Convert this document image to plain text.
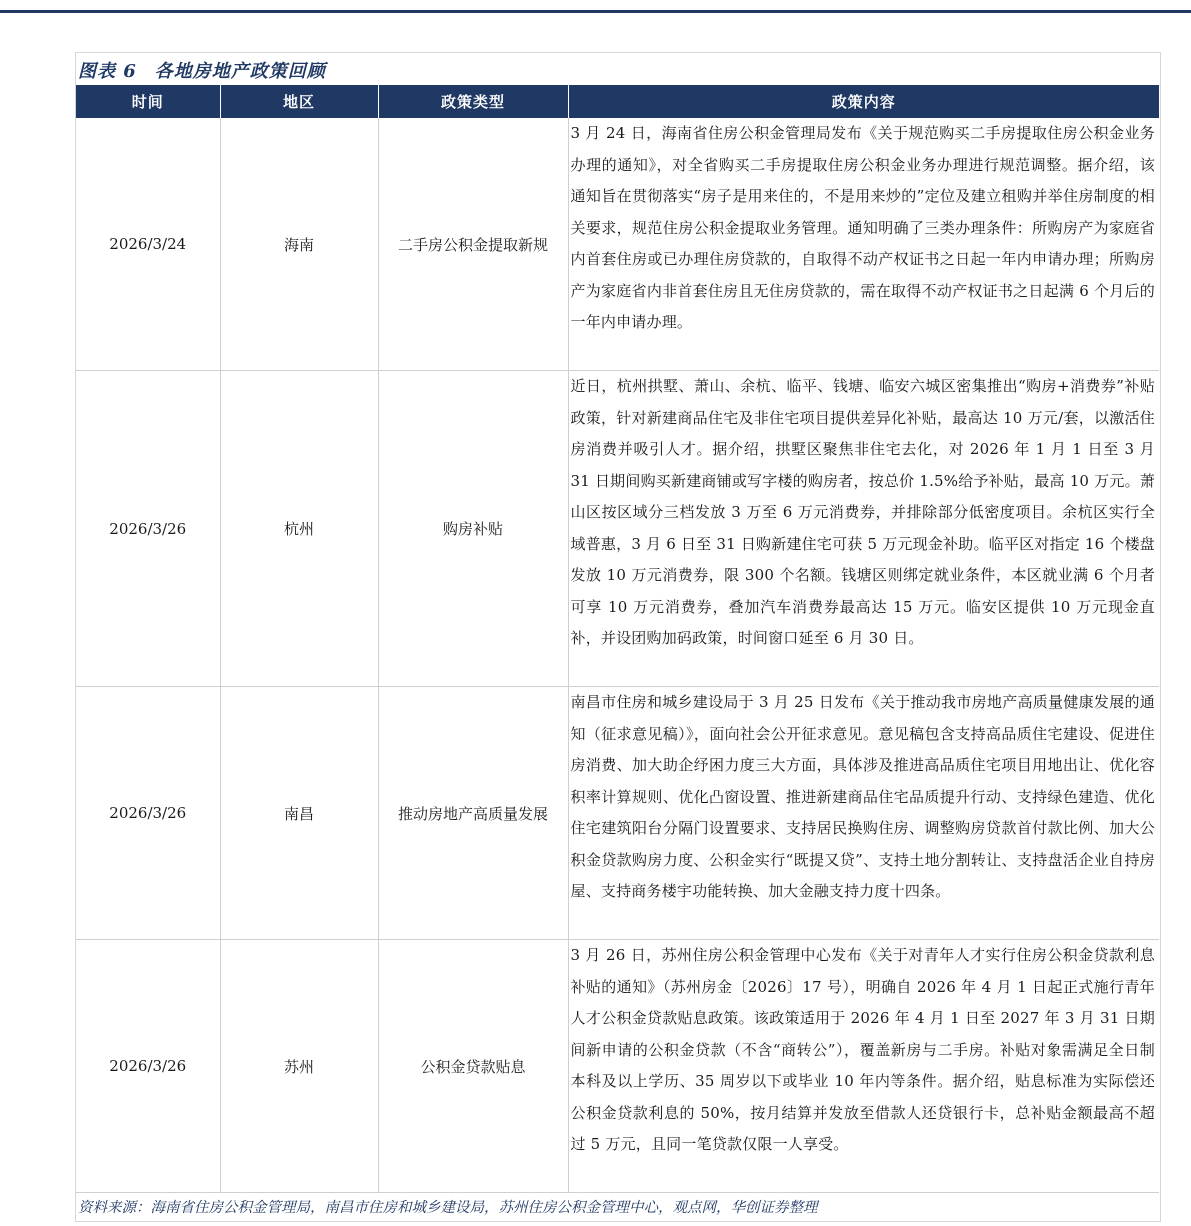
图表 6 各地房地产政策回顾
时间	地区	政策类型	政策内容
2026/3/24	海南	二手房公积金提取新规	3 月 24 日，海南省住房公积金管理局发布《关于规范购买二手房提取住房公积金业务办理的通知》，对全省购买二手房提取住房公积金业务办理进行规范调整。据介绍，该通知旨在贯彻落实“房子是用来住的，不是用来炒的”定位及建立租购并举住房制度的相关要求，规范住房公积金提取业务管理。通知明确了三类办理条件：所购房产为家庭省内首套住房或已办理住房贷款的，自取得不动产权证书之日起一年内申请办理；所购房产为家庭省内非首套住房且无住房贷款的，需在取得不动产权证书之日起满 6 个月后的一年内申请办理。
2026/3/26	杭州	购房补贴	近日，杭州拱墅、萧山、余杭、临平、钱塘、临安六城区密集推出“购房+消费券”补贴政策，针对新建商品住宅及非住宅项目提供差异化补贴，最高达 10 万元/套，以激活住房消费并吸引人才。据介绍，拱墅区聚焦非住宅去化，对 2026 年 1 月 1 日至 3 月 31 日期间购买新建商铺或写字楼的购房者，按总价 1.5%给予补贴，最高 10 万元。萧山区按区域分三档发放 3 万至 6 万元消费券，并排除部分低密度项目。余杭区实行全域普惠，3 月 6 日至 31 日购新建住宅可获 5 万元现金补助。临平区对指定 16 个楼盘发放 10 万元消费券，限 300 个名额。钱塘区则绑定就业条件，本区就业满 6 个月者可享 10 万元消费券，叠加汽车消费券最高达 15 万元。临安区提供 10 万元现金直补，并设团购加码政策，时间窗口延至 6 月 30 日。
2026/3/26	南昌	推动房地产高质量发展	南昌市住房和城乡建设局于 3 月 25 日发布《关于推动我市房地产高质量健康发展的通知（征求意见稿）》，面向社会公开征求意见。意见稿包含支持高品质住宅建设、促进住房消费、加大助企纾困力度三大方面，具体涉及推进高品质住宅项目用地出让、优化容积率计算规则、优化凸窗设置、推进新建商品住宅品质提升行动、支持绿色建造、优化住宅建筑阳台分隔门设置要求、支持居民换购住房、调整购房贷款首付款比例、加大公积金贷款购房力度、公积金实行“既提又贷”、支持土地分割转让、支持盘活企业自持房屋、支持商务楼宇功能转换、加大金融支持力度十四条。
2026/3/26	苏州	公积金贷款贴息	3 月 26 日，苏州住房公积金管理中心发布《关于对青年人才实行住房公积金贷款利息补贴的通知》（苏州房金〔2026〕17 号），明确自 2026 年 4 月 1 日起正式施行青年人才公积金贷款贴息政策。该政策适用于 2026 年 4 月 1 日至 2027 年 3 月 31 日期间新申请的公积金贷款（不含“商转公”），覆盖新房与二手房。补贴对象需满足全日制本科及以上学历、35 周岁以下或毕业 10 年内等条件。据介绍，贴息标准为实际偿还公积金贷款利息的 50%，按月结算并发放至借款人还贷银行卡，总补贴金额最高不超过 5 万元，且同一笔贷款仅限一人享受。
资料来源：海南省住房公积金管理局，南昌市住房和城乡建设局，苏州住房公积金管理中心，观点网，华创证券整理
